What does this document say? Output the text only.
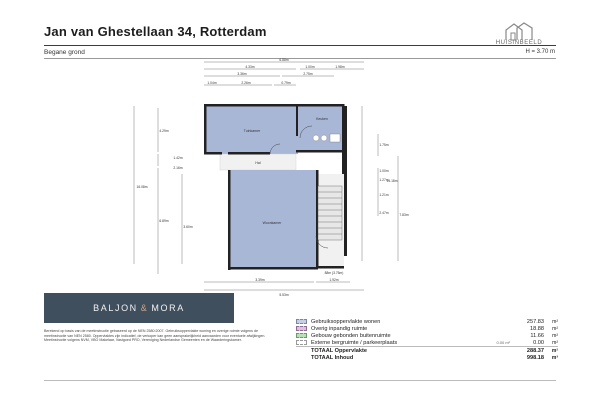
Jan van Ghestellaan 34, Rotterdam
Begane grond
HUISINBEELD
H = 3.70 m
Tuinkamer
Keuken
Woonkamer
Hal
6.88m
4.33m	1.00m	1.98m
3.36m	2.75m
1.04m	2.26m	0.79m
4.29m
1.42m
2.16m
6.89m
3.60m
16.08m
1.75m
1.00m
1.21m
1.27m
2.47m
14.18m
7.83m
3.39m	1.92m
5.53m
88m (3.75m)
BALJON & MORA
Berekend op basis van de meetinstructie gebaseerd op de NEN 2580:2007. Gebruiksoppervlakte woning en overige ruimte volgens de meetinstructie van NEN 2580. Oppervlaktes zijn indicatief, de verkoper kan geen aansprakelijkheid aanvaarden voor eventuele afwijkingen. Meetinstructie volgens NVM, VBO Makelaar, Vastgoed PRO, Vereniging Nederlandse Gemeenten en de Waarderingskamer.
Gebruiksoppervlakte wonen	257.83	m²
Overig inpandig ruimte	18.88	m²
Gebouw gebonden buitenruimte	11.66	m²
Externe bergruimte / parkeerplaats	0.00 m²	0.00	m²
TOTAAL Oppervlakte	288.37	m²
TOTAAL Inhoud	998.18	m³
